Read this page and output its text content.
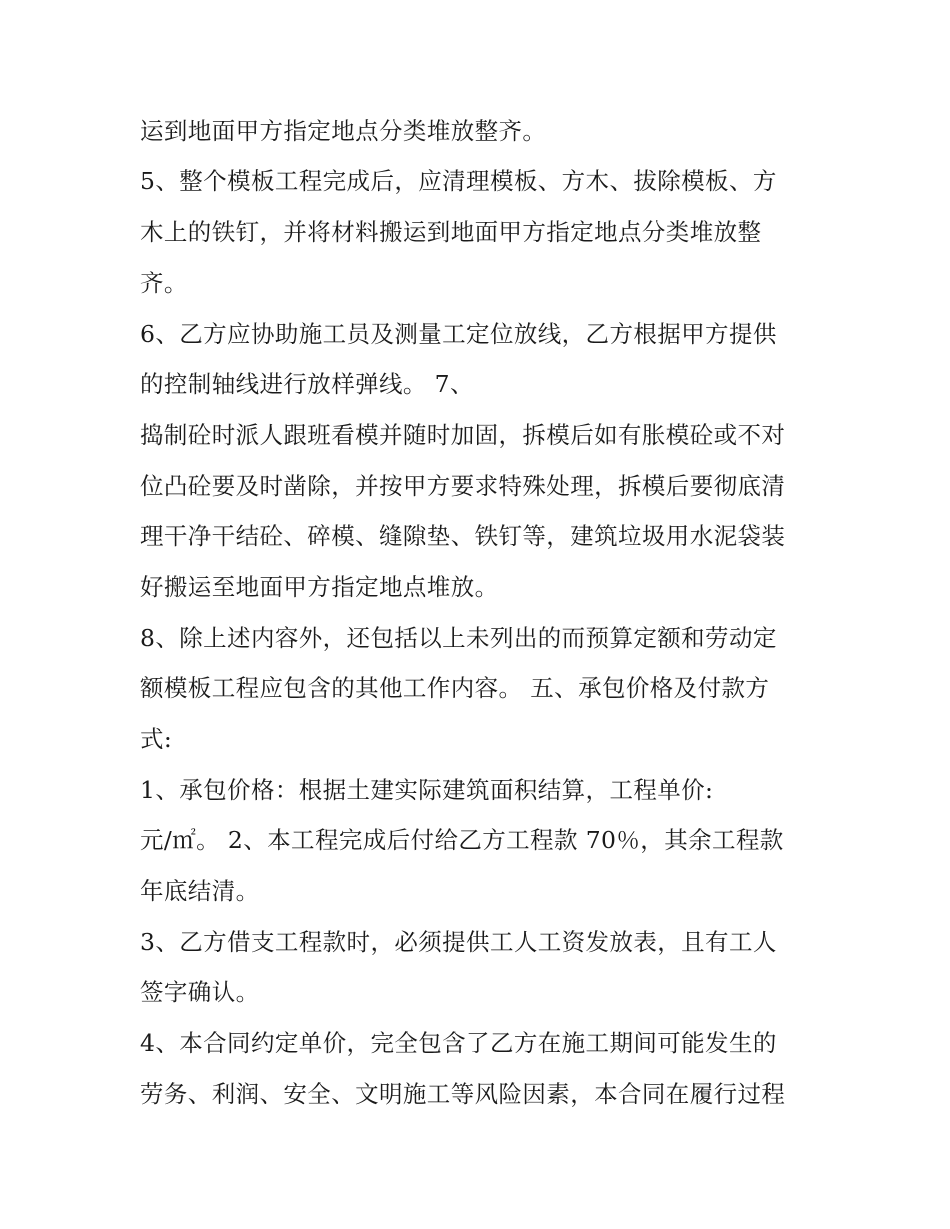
运到地面甲方指定地点分类堆放整齐。
5、整个模板工程完成后，应清理模板、方木、拔除模板、方
木上的铁钉，并将材料搬运到地面甲方指定地点分类堆放整
齐。
6、乙方应协助施工员及测量工定位放线，乙方根据甲方提供
的控制轴线进行放样弹线。 7、
捣制砼时派人跟班看模并随时加固，拆模后如有胀模砼或不对
位凸砼要及时凿除，并按甲方要求特殊处理，拆模后要彻底清
理干净干结砼、碎模、缝隙垫、铁钉等，建筑垃圾用水泥袋装
好搬运至地面甲方指定地点堆放。
8、除上述内容外，还包括以上未列出的而预算定额和劳动定
额模板工程应包含的其他工作内容。 五、承包价格及付款方
式:
1、承包价格：根据土建实际建筑面积结算，工程单价:
元/㎡。 2、本工程完成后付给乙方工程款 70％，其余工程款
年底结清。
3、乙方借支工程款时，必须提供工人工资发放表，且有工人
签字确认。
4、本合同约定单价，完全包含了乙方在施工期间可能发生的
劳务、利润、安全、文明施工等风险因素，本合同在履行过程
